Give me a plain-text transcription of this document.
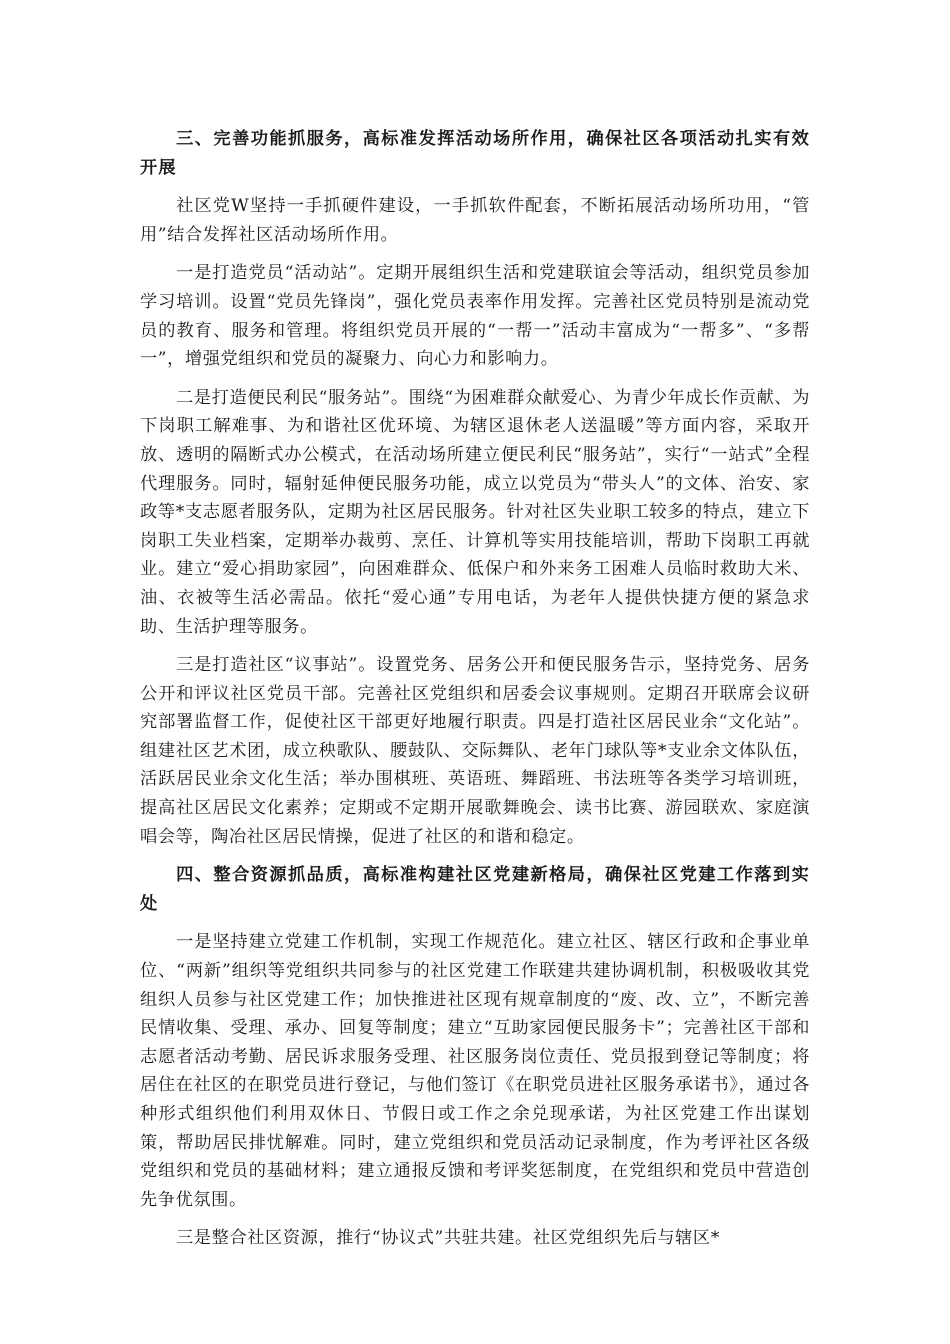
三、完善功能抓服务，高标准发挥活动场所作用，确保社区各项活动扎实有效开展

社区党W坚持一手抓硬件建设，一手抓软件配套，不断拓展活动场所功用，“管用”结合发挥社区活动场所作用。

一是打造党员“活动站”。定期开展组织生活和党建联谊会等活动，组织党员参加学习培训。设置“党员先锋岗”，强化党员表率作用发挥。完善社区党员特别是流动党员的教育、服务和管理。将组织党员开展的“一帮一”活动丰富成为“一帮多”、“多帮一”，增强党组织和党员的凝聚力、向心力和影响力。

二是打造便民利民“服务站”。围绕“为困难群众献爱心、为青少年成长作贡献、为下岗职工解难事、为和谐社区优环境、为辖区退休老人送温暖”等方面内容，采取开放、透明的隔断式办公模式，在活动场所建立便民利民“服务站”，实行“一站式”全程代理服务。同时，辐射延伸便民服务功能，成立以党员为“带头人”的文体、治安、家政等*支志愿者服务队，定期为社区居民服务。针对社区失业职工较多的特点，建立下岗职工失业档案，定期举办裁剪、烹任、计算机等实用技能培训，帮助下岗职工再就业。建立“爱心捐助家园”，向困难群众、低保户和外来务工困难人员临时救助大米、油、衣被等生活必需品。依托“爱心通”专用电话，为老年人提供快捷方便的紧急求助、生活护理等服务。

三是打造社区“议事站”。设置党务、居务公开和便民服务告示，坚持党务、居务公开和评议社区党员干部。完善社区党组织和居委会议事规则。定期召开联席会议研究部署监督工作，促使社区干部更好地履行职责。四是打造社区居民业余“文化站”。组建社区艺术团，成立秧歌队、腰鼓队、交际舞队、老年门球队等*支业余文体队伍，活跃居民业余文化生活；举办围棋班、英语班、舞蹈班、书法班等各类学习培训班，提高社区居民文化素养；定期或不定期开展歌舞晚会、读书比赛、游园联欢、家庭演唱会等，陶冶社区居民情操，促进了社区的和谐和稳定。

四、整合资源抓品质，高标准构建社区党建新格局，确保社区党建工作落到实处

一是坚持建立党建工作机制，实现工作规范化。建立社区、辖区行政和企事业单位、“两新”组织等党组织共同参与的社区党建工作联建共建协调机制，积极吸收其党组织人员参与社区党建工作；加快推进社区现有规章制度的“废、改、立”，不断完善民情收集、受理、承办、回复等制度；建立“互助家园便民服务卡”；完善社区干部和志愿者活动考勤、居民诉求服务受理、社区服务岗位责任、党员报到登记等制度；将居住在社区的在职党员进行登记，与他们签订《在职党员进社区服务承诺书》，通过各种形式组织他们利用双休日、节假日或工作之余兑现承诺，为社区党建工作出谋划策，帮助居民排忧解难。同时，建立党组织和党员活动记录制度，作为考评社区各级党组织和党员的基础材料；建立通报反馈和考评奖惩制度，在党组织和党员中营造创先争优氛围。

三是整合社区资源，推行“协议式”共驻共建。社区党组织先后与辖区*
